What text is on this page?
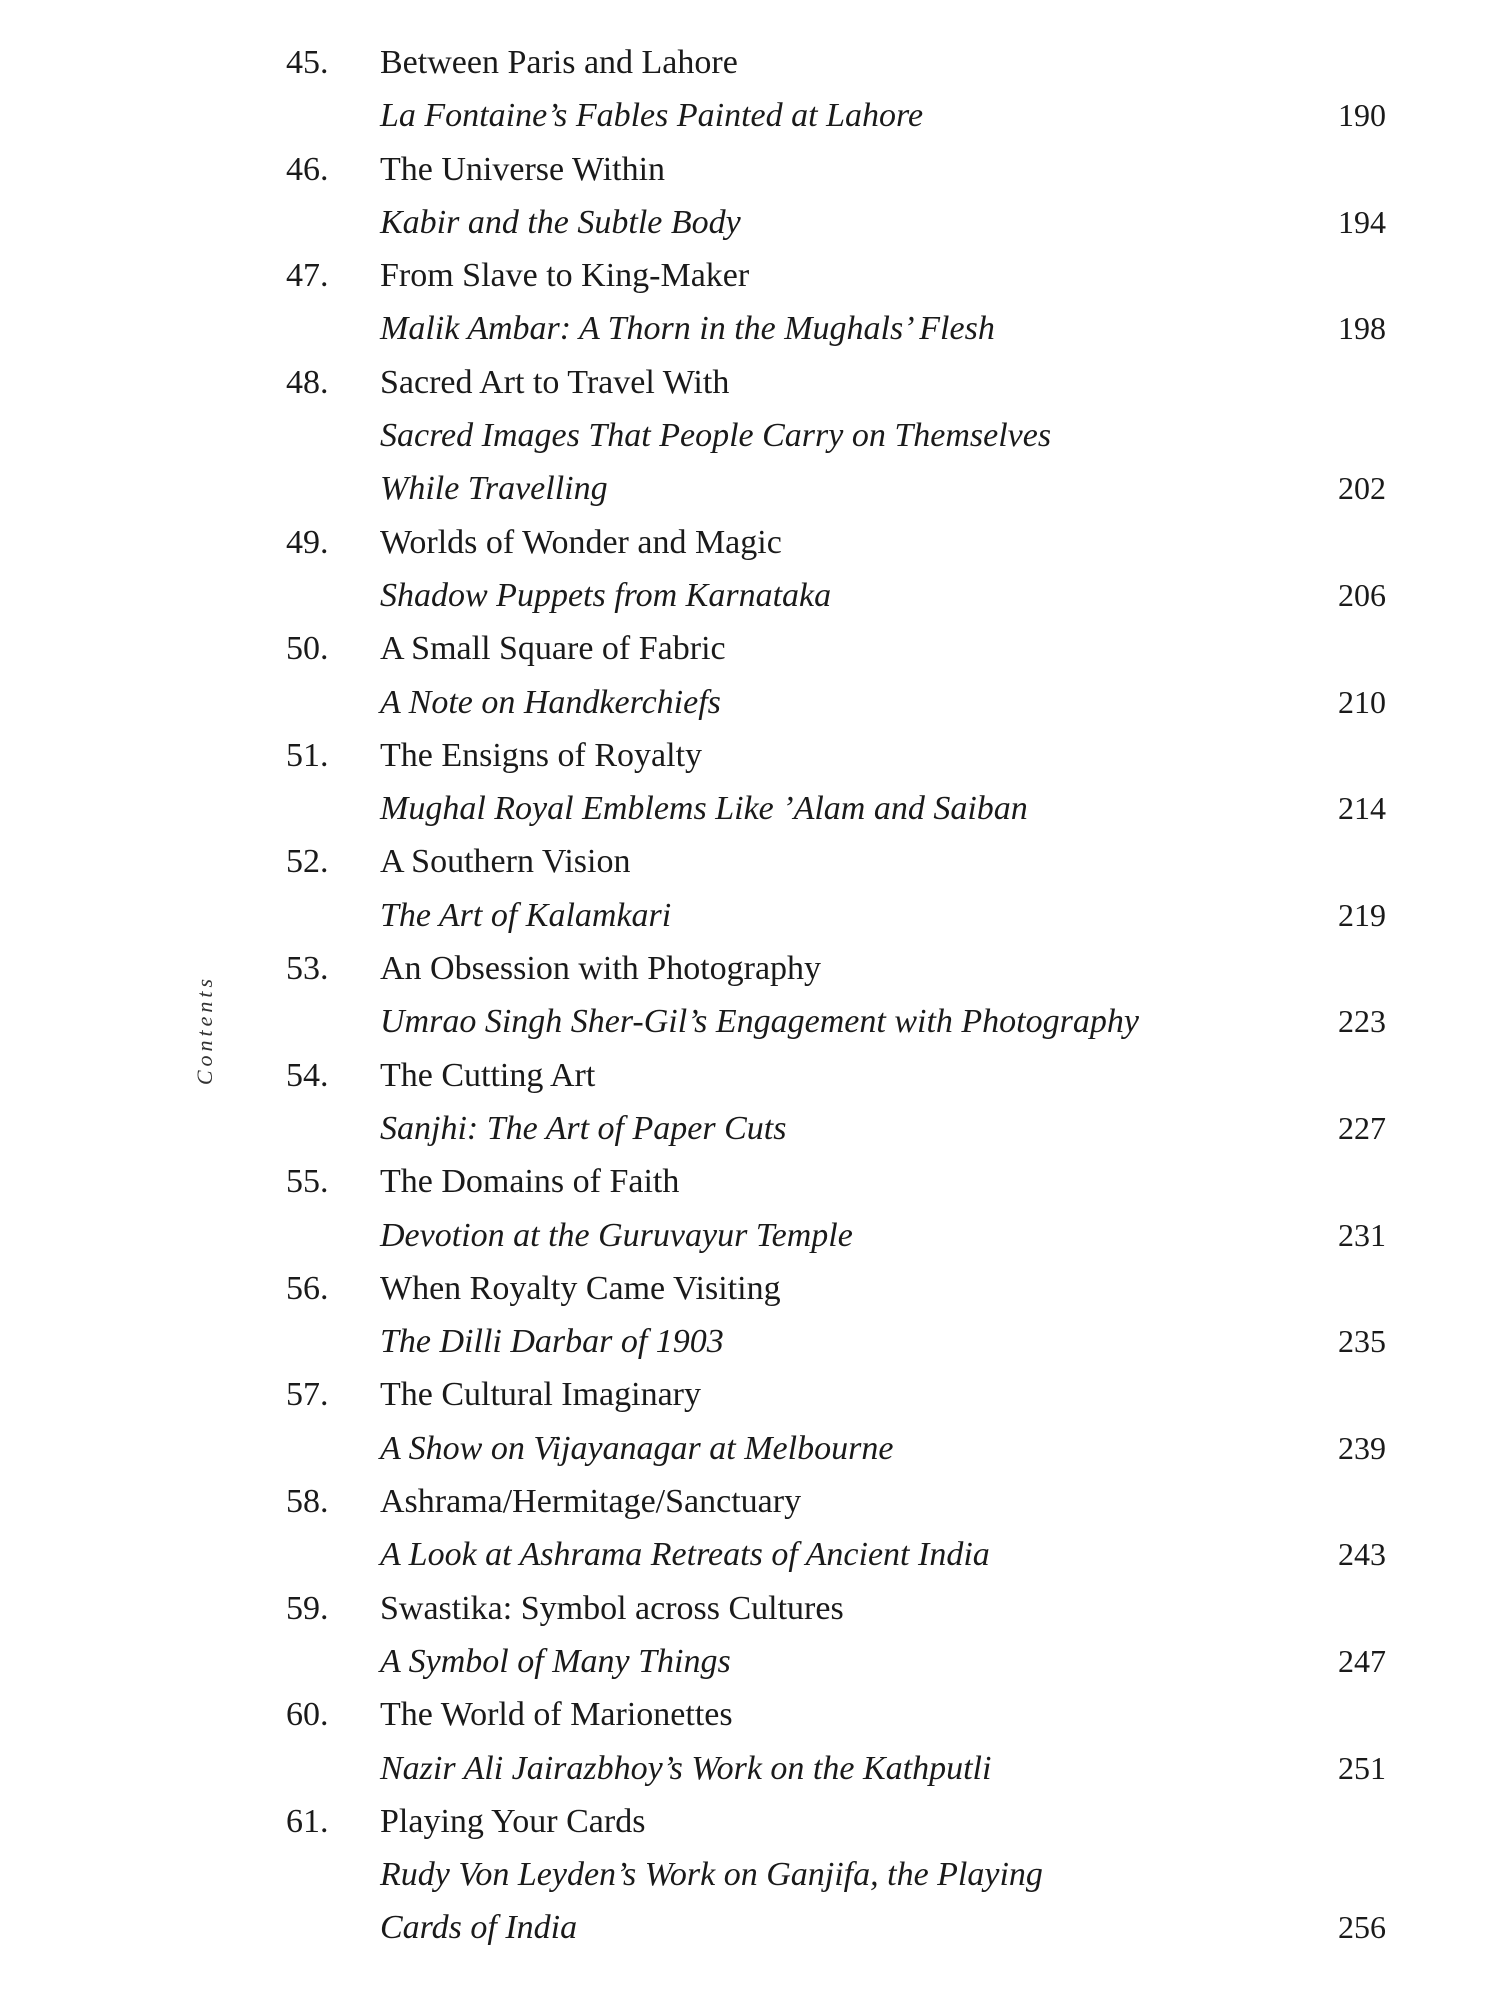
Contents
45.	Between Paris and Lahore
La Fontaine’s Fables Painted at Lahore	190
46.	The Universe Within
Kabir and the Subtle Body	194
47.	From Slave to King-Maker
Malik Ambar: A Thorn in the Mughals’ Flesh	198
48.	Sacred Art to Travel With
Sacred Images That People Carry on Themselves
While Travelling	202
49.	Worlds of Wonder and Magic
Shadow Puppets from Karnataka	206
50.	A Small Square of Fabric
A Note on Handkerchiefs	210
51.	The Ensigns of Royalty
Mughal Royal Emblems Like ’Alam and Saiban	214
52.	A Southern Vision
The Art of Kalamkari	219
53.	An Obsession with Photography
Umrao Singh Sher-Gil’s Engagement with Photography	223
54.	The Cutting Art
Sanjhi: The Art of Paper Cuts	227
55.	The Domains of Faith
Devotion at the Guruvayur Temple	231
56.	When Royalty Came Visiting
The Dilli Darbar of 1903	235
57.	The Cultural Imaginary
A Show on Vijayanagar at Melbourne	239
58.	Ashrama/Hermitage/Sanctuary
A Look at Ashrama Retreats of Ancient India	243
59.	Swastika: Symbol across Cultures
A Symbol of Many Things	247
60.	The World of Marionettes
Nazir Ali Jairazbhoy’s Work on the Kathputli	251
61.	Playing Your Cards
Rudy Von Leyden’s Work on Ganjifa, the Playing
Cards of India	256
